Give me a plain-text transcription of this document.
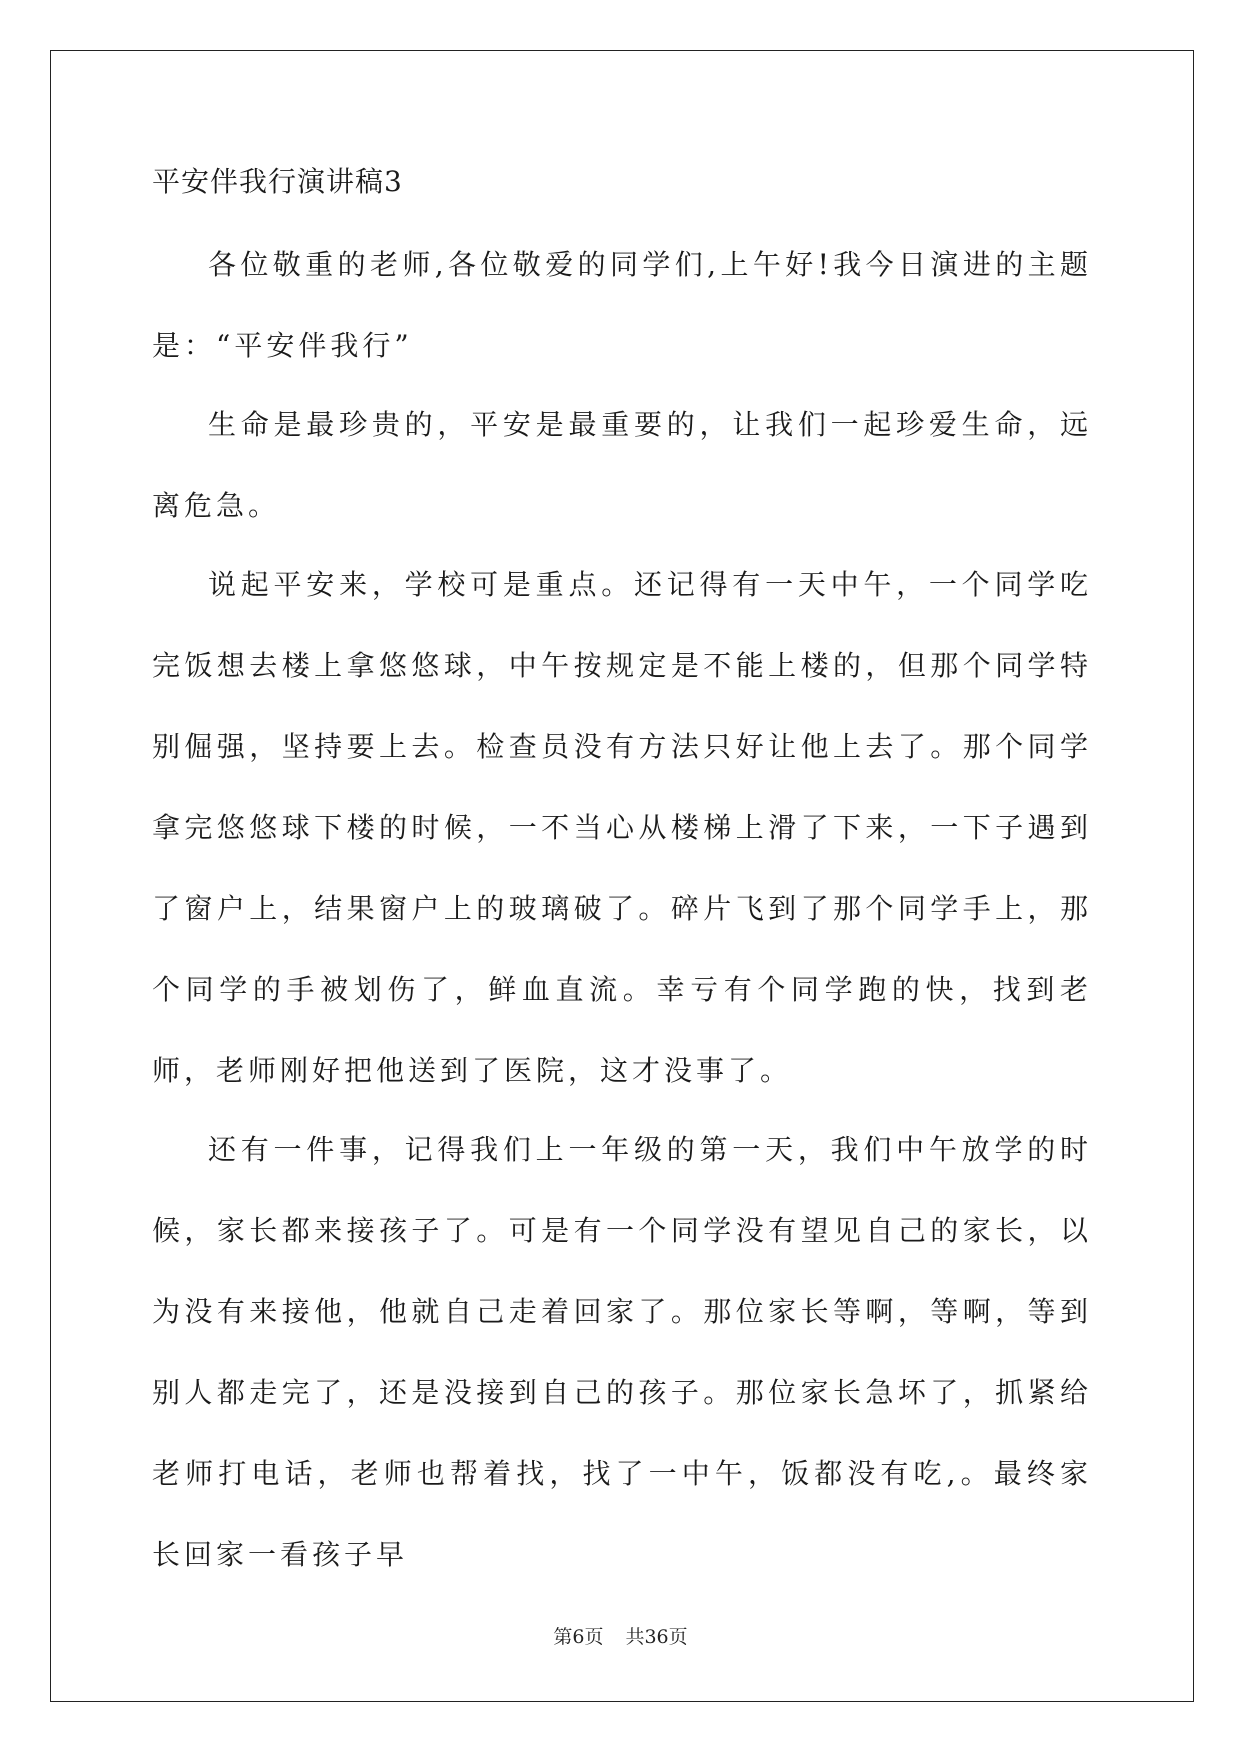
平安伴我行演讲稿3

各位敬重的老师,各位敬爱的同学们,上午好!我今日演进的主题是：“平安伴我行”

生命是最珍贵的，平安是最重要的，让我们一起珍爱生命，远离危急。

说起平安来，学校可是重点。还记得有一天中午，一个同学吃完饭想去楼上拿悠悠球，中午按规定是不能上楼的，但那个同学特别倔强，坚持要上去。检查员没有方法只好让他上去了。那个同学拿完悠悠球下楼的时候，一不当心从楼梯上滑了下来，一下子遇到了窗户上，结果窗户上的玻璃破了。碎片飞到了那个同学手上，那个同学的手被划伤了，鲜血直流。幸亏有个同学跑的快，找到老师，老师刚好把他送到了医院，这才没事了。

还有一件事，记得我们上一年级的第一天，我们中午放学的时候，家长都来接孩子了。可是有一个同学没有望见自己的家长，以为没有来接他，他就自己走着回家了。那位家长等啊，等啊，等到别人都走完了，还是没接到自己的孩子。那位家长急坏了，抓紧给老师打电话，老师也帮着找，找了一中午，饭都没有吃,。最终家长回家一看孩子早

第6页 共36页
